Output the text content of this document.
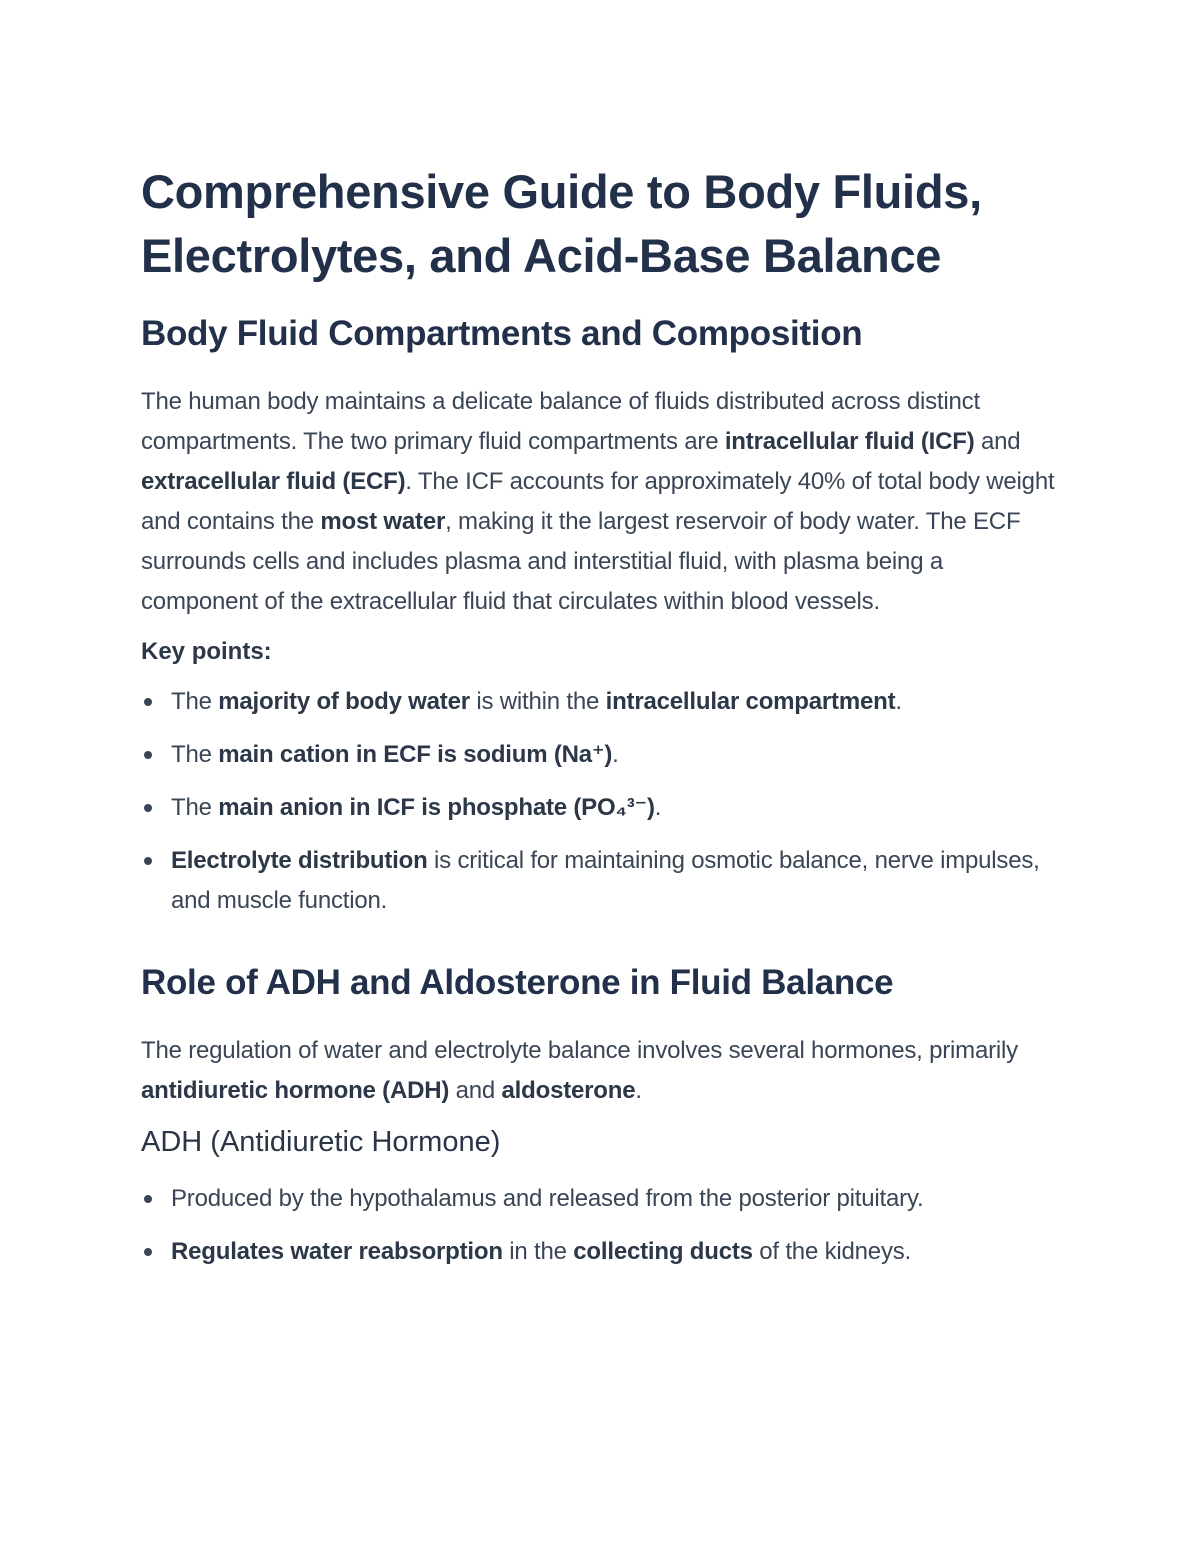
Comprehensive Guide to Body Fluids, Electrolytes, and Acid-Base Balance
Body Fluid Compartments and Composition

The human body maintains a delicate balance of fluids distributed across distinct compartments. The two primary fluid compartments are intracellular fluid (ICF) and extracellular fluid (ECF). The ICF accounts for approximately 40% of total body weight and contains the most water, making it the largest reservoir of body water. The ECF surrounds cells and includes plasma and interstitial fluid, with plasma being a component of the extracellular fluid that circulates within blood vessels.

Key points:

The majority of body water is within the intracellular compartment.
The main cation in ECF is sodium (Na⁺).
The main anion in ICF is phosphate (PO₄³⁻).
Electrolyte distribution is critical for maintaining osmotic balance, nerve impulses, and muscle function.
Role of ADH and Aldosterone in Fluid Balance

The regulation of water and electrolyte balance involves several hormones, primarily antidiuretic hormone (ADH) and aldosterone.

ADH (Antidiuretic Hormone)
Produced by the hypothalamus and released from the posterior pituitary.
Regulates water reabsorption in the collecting ducts of the kidneys.
